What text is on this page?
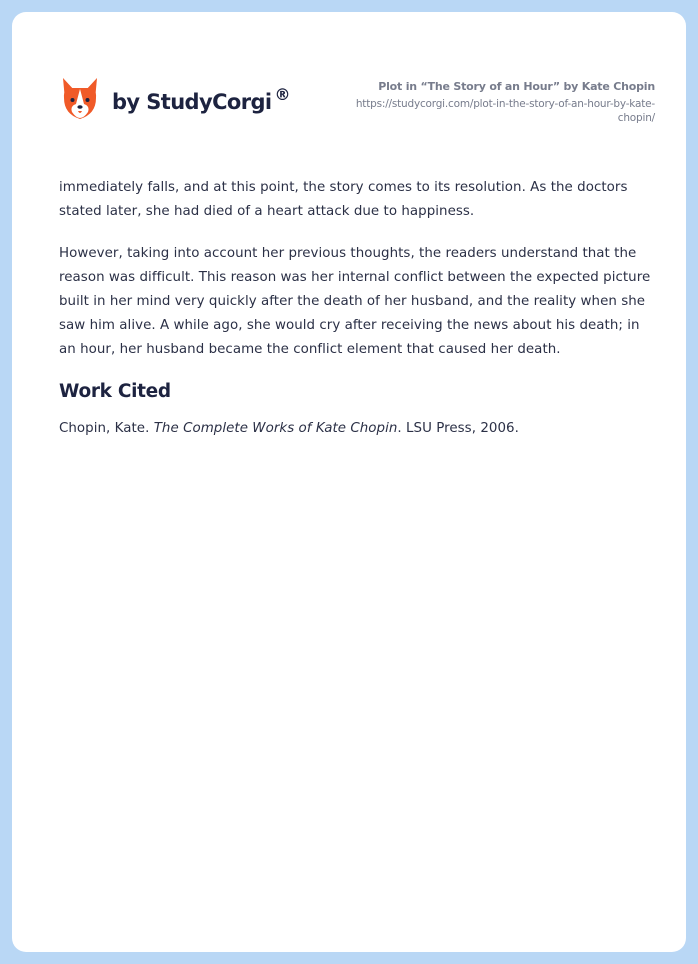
by StudyCorgi ®	Plot in “The Story of an Hour” by Kate Chopin
https://studycorgi.com/plot-in-the-story-of-an-hour-by-kate-chopin/

immediately falls, and at this point, the story comes to its resolution. As the doctors stated later, she had died of a heart attack due to happiness.

However, taking into account her previous thoughts, the readers understand that the reason was difficult. This reason was her internal conflict between the expected picture built in her mind very quickly after the death of her husband, and the reality when she saw him alive. A while ago, she would cry after receiving the news about his death; in an hour, her husband became the conflict element that caused her death.

Work Cited

Chopin, Kate. The Complete Works of Kate Chopin. LSU Press, 2006.
